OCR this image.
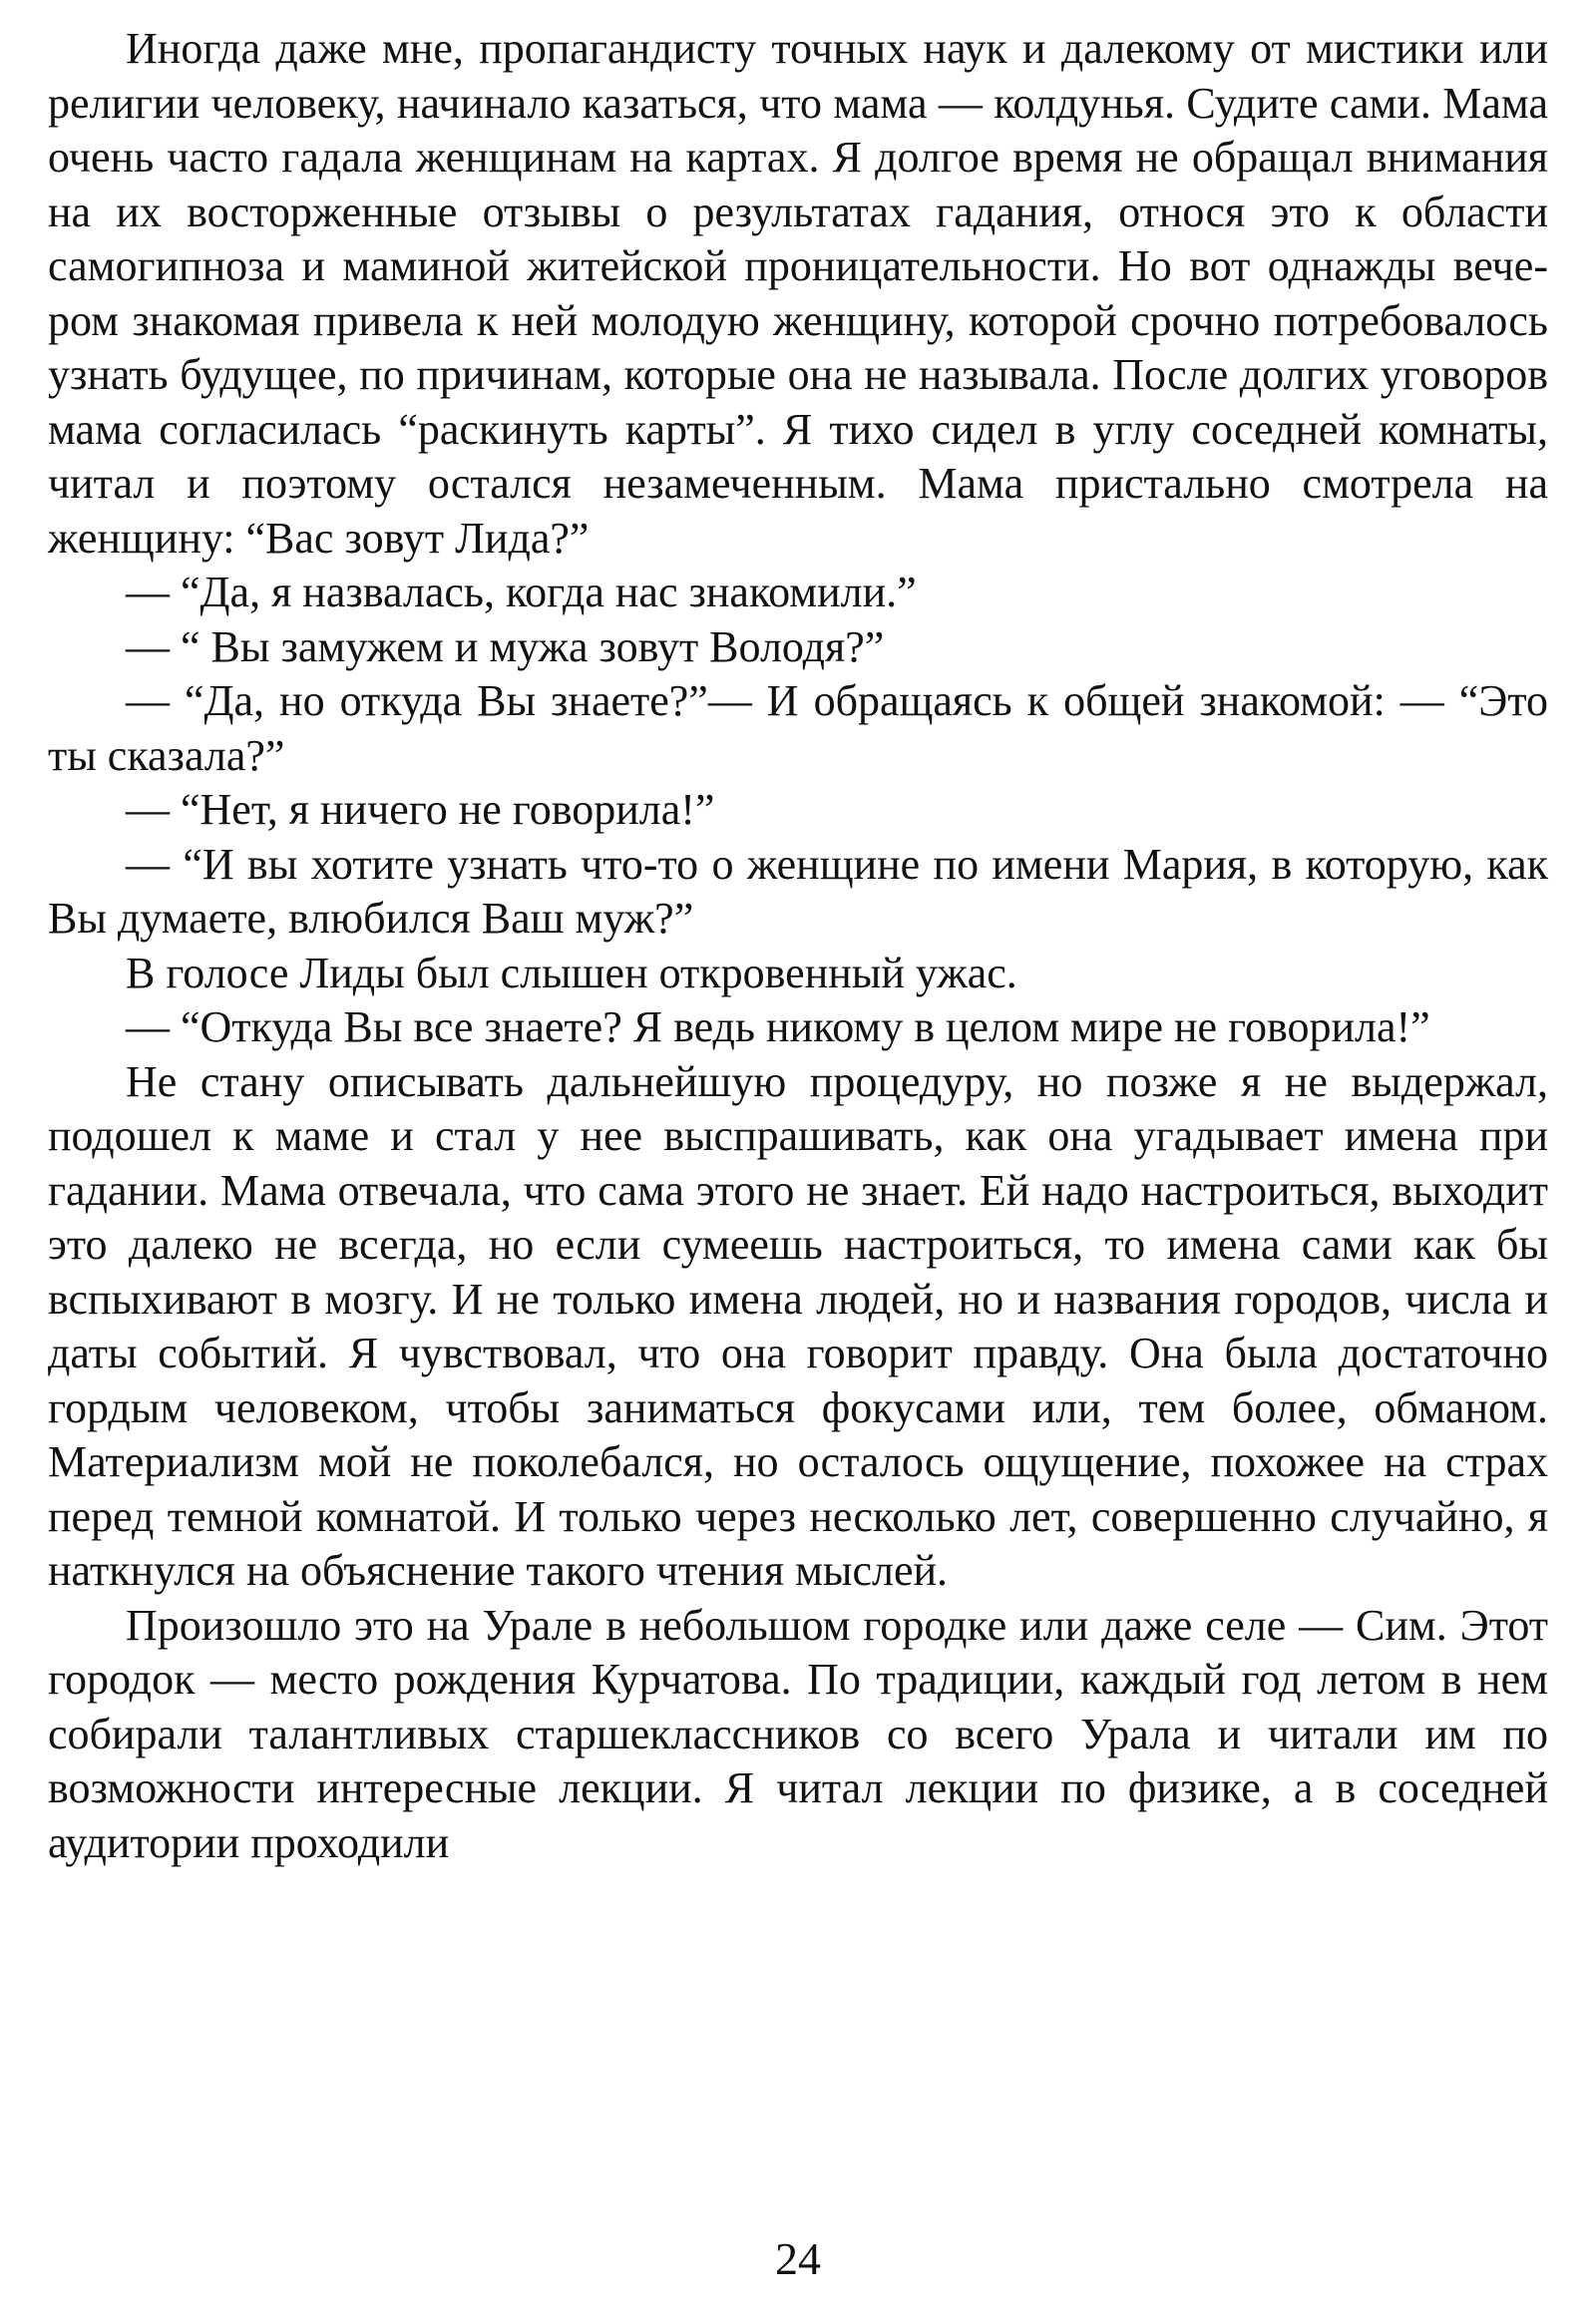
Иногда даже мне, пропагандисту точных наук и далекому от мистики или религии человеку, начинало казаться, что мама — колдунья. Судите сами. Мама очень часто гадала женщинам на картах. Я долгое время не обращал внимания на их восторженные отзывы о результатах гадания, относя это к области самогипноза и маминой житейской проницательности. Но вот однажды вечером знакомая привела к ней молодую женщину, которой срочно потребовалось узнать будущее, по причинам, которые она не называла. После долгих уговоров мама согласилась “раскинуть карты”. Я тихо сидел в углу соседней комнаты, читал и поэтому остался незамеченным. Мама пристально смотрела на женщину: “Вас зовут Лида?”

— “Да, я назвалась, когда нас знакомили.”

— “ Вы замужем и мужа зовут Володя?”

— “Да, но откуда Вы знаете?”— И обращаясь к общей знакомой: — “Это ты сказала?”

— “Нет, я ничего не говорила!”

— “И вы хотите узнать что-то о женщине по имени Мария, в которую, как Вы думаете, влюбился Ваш муж?”

В голосе Лиды был слышен откровенный ужас.

— “Откуда Вы все знаете? Я ведь никому в целом мире не говорила!”

Не стану описывать дальнейшую процедуру, но позже я не выдержал, подошел к маме и стал у нее выспрашивать, как она угадывает имена при гадании. Мама отвечала, что сама этого не знает. Ей надо настроиться, выходит это далеко не всегда, но если сумеешь настроиться, то имена сами как бы вспыхивают в мозгу. И не только имена людей, но и названия городов, числа и даты событий. Я чувствовал, что она говорит правду. Она была достаточно гордым человеком, чтобы заниматься фокусами или, тем более, обманом. Материализм мой не поколебался, но осталось ощущение, похожее на страх перед темной комнатой. И только через несколько лет, совершенно случайно, я наткнулся на объяснение такого чтения мыслей.

Произошло это на Урале в небольшом городке или даже селе — Сим. Этот городок — место рождения Курчатова. По традиции, каждый год летом в нем собирали талантливых старшеклассников со всего Урала и читали им по возможности интересные лекции. Я читал лекции по физике, а в соседней аудитории проходили

24
